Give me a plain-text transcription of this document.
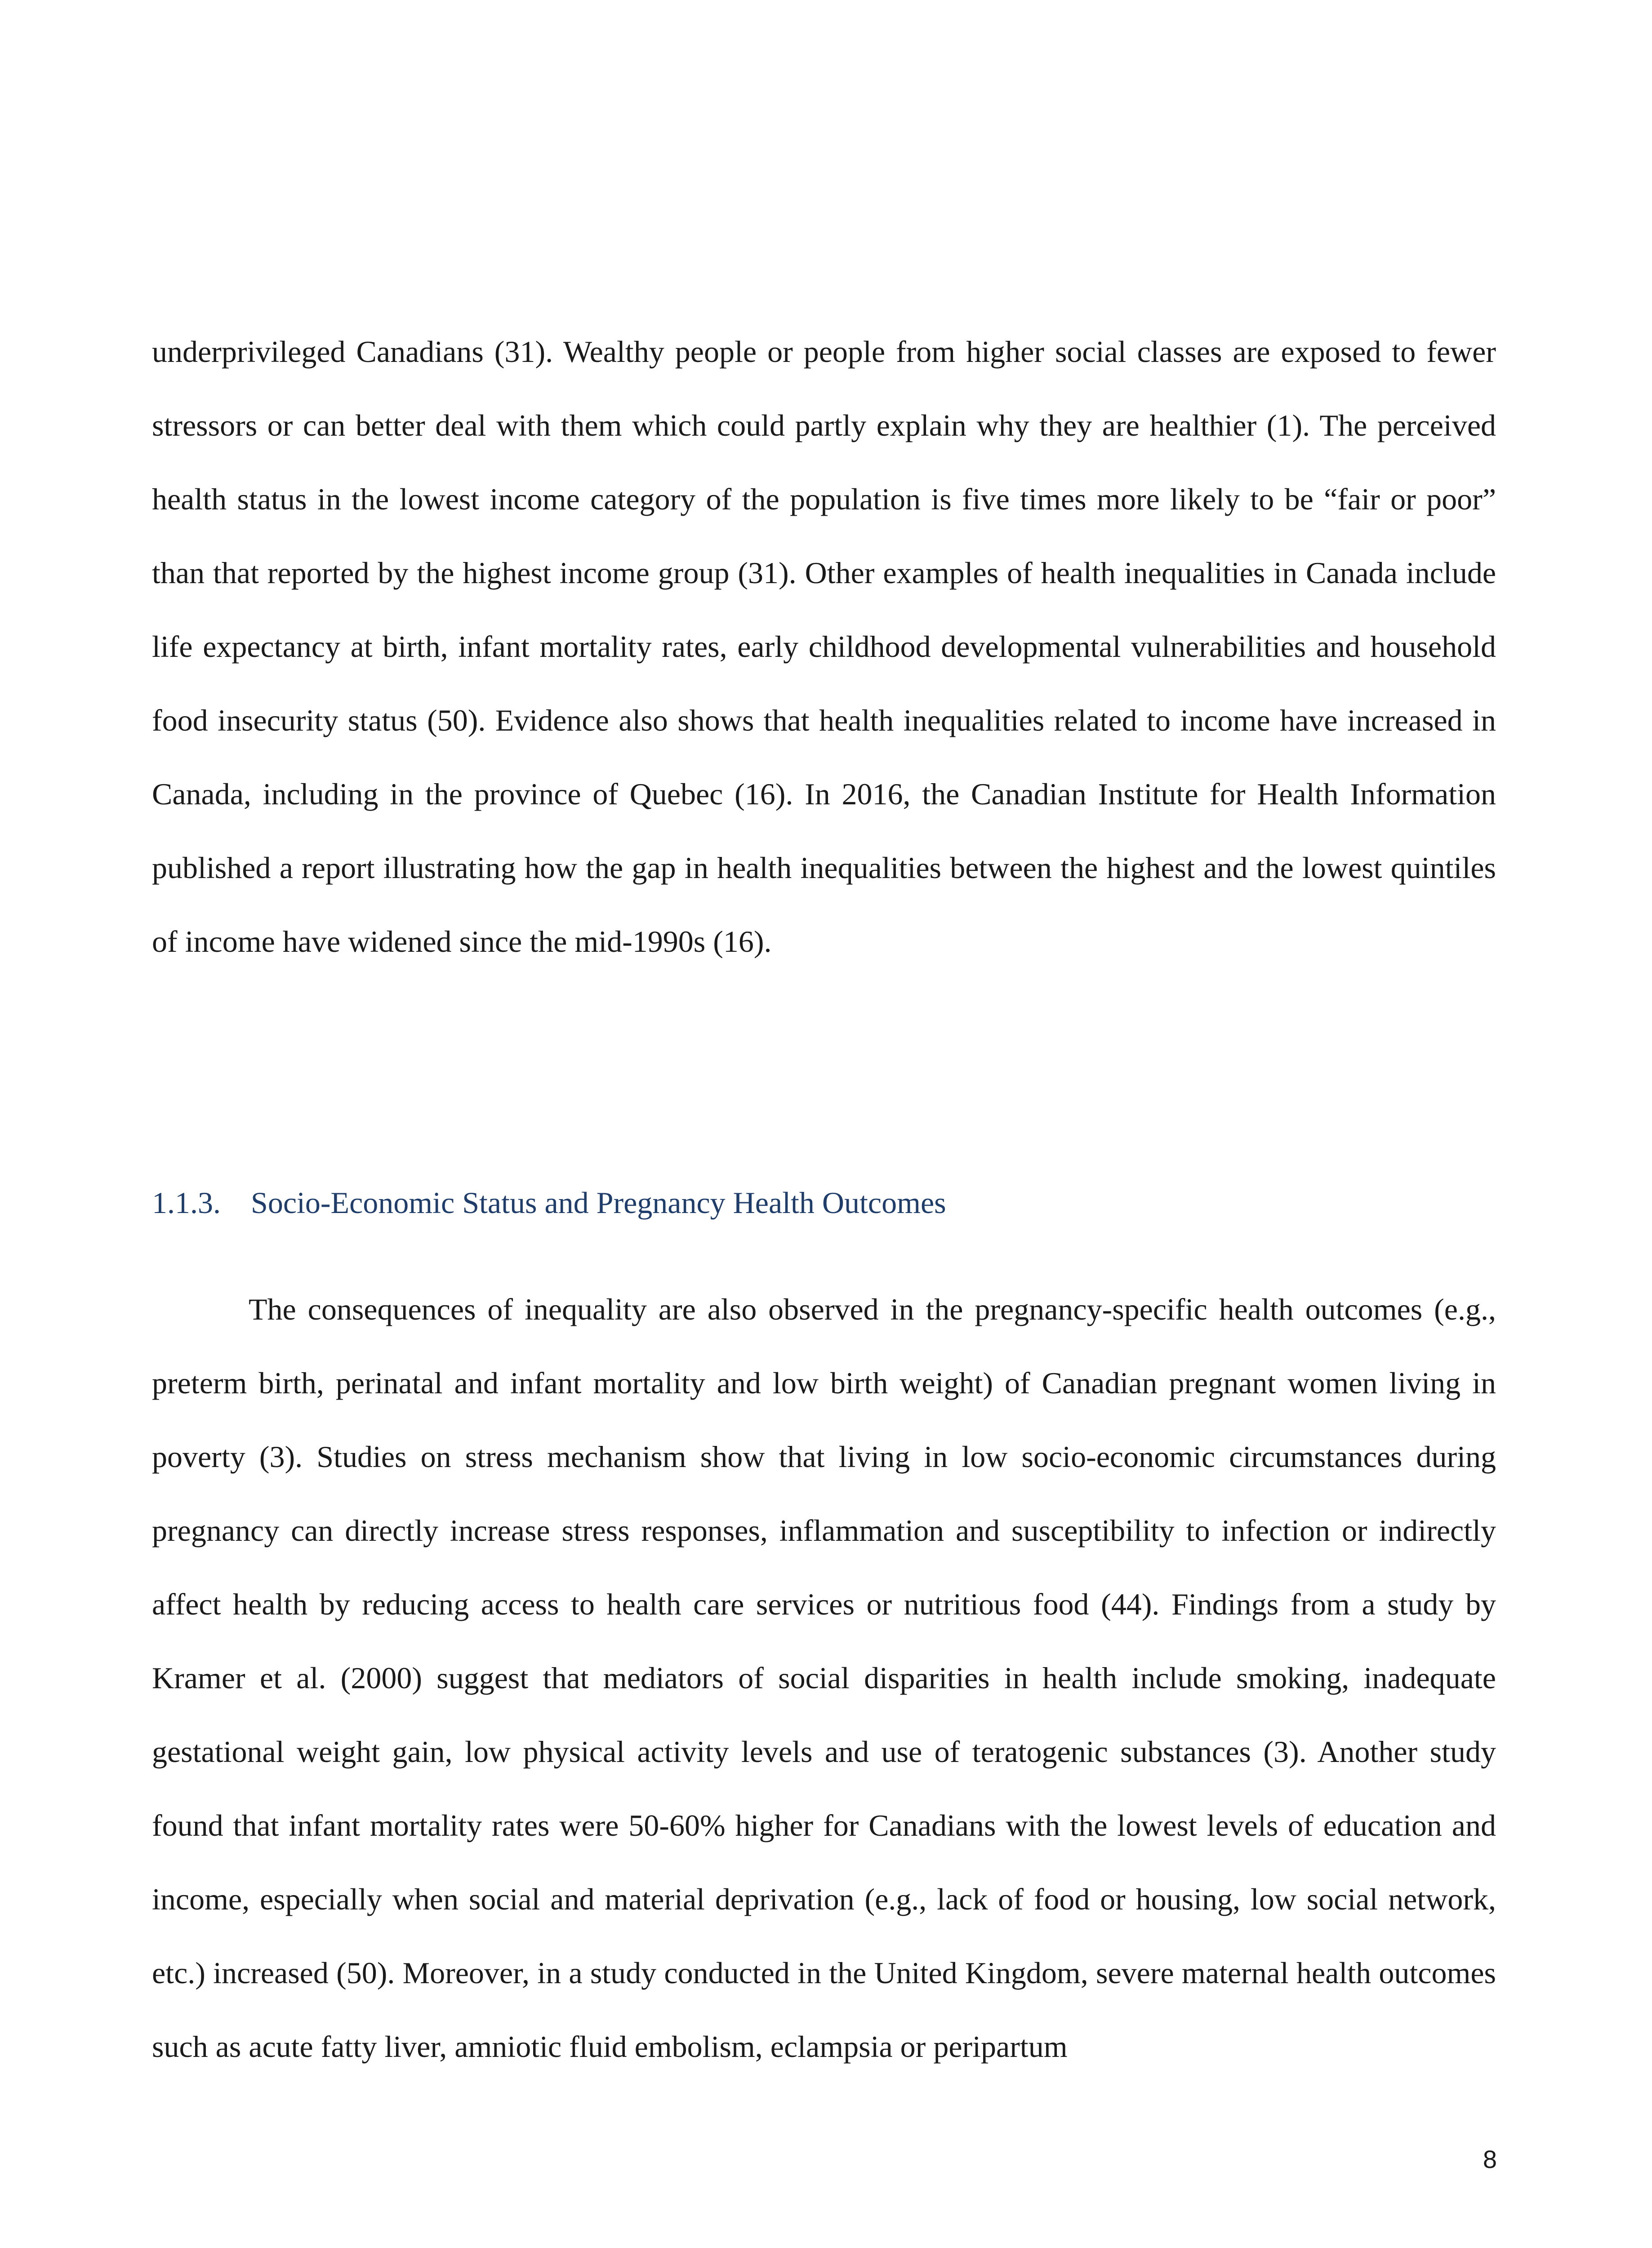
underprivileged Canadians (31). Wealthy people or people from higher social classes are exposed to fewer stressors or can better deal with them which could partly explain why they are healthier (1). The perceived health status in the lowest income category of the population is five times more likely to be “fair or poor” than that reported by the highest income group (31). Other examples of health inequalities in Canada include life expectancy at birth, infant mortality rates, early childhood developmental vulnerabilities and household food insecurity status (50). Evidence also shows that health inequalities related to income have increased in Canada, including in the province of Quebec (16). In 2016, the Canadian Institute for Health Information published a report illustrating how the gap in health inequalities between the highest and the lowest quintiles of income have widened since the mid-1990s (16).

1.1.3. Socio-Economic Status and Pregnancy Health Outcomes

The consequences of inequality are also observed in the pregnancy-specific health outcomes (e.g., preterm birth, perinatal and infant mortality and low birth weight) of Canadian pregnant women living in poverty (3). Studies on stress mechanism show that living in low socio-economic circumstances during pregnancy can directly increase stress responses, inflammation and susceptibility to infection or indirectly affect health by reducing access to health care services or nutritious food (44). Findings from a study by Kramer et al. (2000) suggest that mediators of social disparities in health include smoking, inadequate gestational weight gain, low physical activity levels and use of teratogenic substances (3). Another study found that infant mortality rates were 50-60% higher for Canadians with the lowest levels of education and income, especially when social and material deprivation (e.g., lack of food or housing, low social network, etc.) increased (50). Moreover, in a study conducted in the United Kingdom, severe maternal health outcomes such as acute fatty liver, amniotic fluid embolism, eclampsia or peripartum

8
